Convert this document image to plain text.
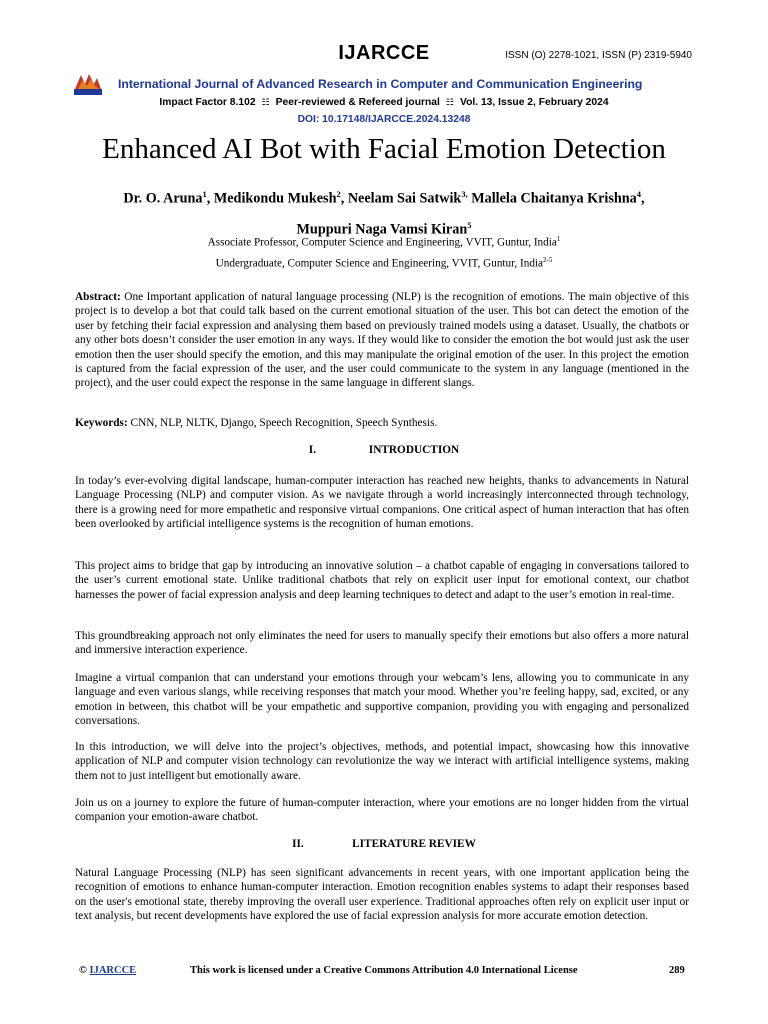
IJARCCE	ISSN (O) 2278-1021, ISSN (P) 2319-5940
International Journal of Advanced Research in Computer and Communication Engineering
Impact Factor 8.102 ☷ Peer-reviewed & Refereed journal ☷ Vol. 13, Issue 2, February 2024
DOI: 10.17148/IJARCCE.2024.13248
Enhanced AI Bot with Facial Emotion Detection
Dr. O. Aruna$^1$, Medikondu Mukesh$^2$, Neelam Sai Satwik$^{3,}$ Mallela Chaitanya Krishna$^4$,
Muppuri Naga Vamsi Kiran$^5$
Associate Professor, Computer Science and Engineering, VVIT, Guntur, India$^1$
Undergraduate, Computer Science and Engineering, VVIT, Guntur, India$^{2-5}$
Abstract: One Important application of natural language processing (NLP) is the recognition of emotions. The main objective of this project is to develop a bot that could talk based on the current emotional situation of the user. This bot can detect the emotion of the user by fetching their facial expression and analysing them based on previously trained models using a dataset. Usually, the chatbots or any other bots doesn’t consider the user emotion in any ways. If they would like to consider the emotion the bot would just ask the user emotion then the user should specify the emotion, and this may manipulate the original emotion of the user. In this project the emotion is captured from the facial expression of the user, and the user could communicate to the system in any language (mentioned in the project), and the user could expect the response in the same language in different slangs.
Keywords: CNN, NLP, NLTK, Django, Speech Recognition, Speech Synthesis.
I.	INTRODUCTION
In today’s ever-evolving digital landscape, human-computer interaction has reached new heights, thanks to advancements in Natural Language Processing (NLP) and computer vision. As we navigate through a world increasingly interconnected through technology, there is a growing need for more empathetic and responsive virtual companions. One critical aspect of human interaction that has often been overlooked by artificial intelligence systems is the recognition of human emotions.
This project aims to bridge that gap by introducing an innovative solution – a chatbot capable of engaging in conversations tailored to the user’s current emotional state. Unlike traditional chatbots that rely on explicit user input for emotional context, our chatbot harnesses the power of facial expression analysis and deep learning techniques to detect and adapt to the user’s emotion in real-time.
This groundbreaking approach not only eliminates the need for users to manually specify their emotions but also offers a more natural and immersive interaction experience.
Imagine a virtual companion that can understand your emotions through your webcam’s lens, allowing you to communicate in any language and even various slangs, while receiving responses that match your mood. Whether you’re feeling happy, sad, excited, or any emotion in between, this chatbot will be your empathetic and supportive companion, providing you with engaging and personalized conversations.
In this introduction, we will delve into the project’s objectives, methods, and potential impact, showcasing how this innovative application of NLP and computer vision technology can revolutionize the way we interact with artificial intelligence systems, making them not to just intelligent but emotionally aware.
Join us on a journey to explore the future of human-computer interaction, where your emotions are no longer hidden from the virtual companion your emotion-aware chatbot.
II.	LITERATURE REVIEW
Natural Language Processing (NLP) has seen significant advancements in recent years, with one important application being the recognition of emotions to enhance human-computer interaction. Emotion recognition enables systems to adapt their responses based on the user's emotional state, thereby improving the overall user experience. Traditional approaches often rely on explicit user input or text analysis, but recent developments have explored the use of facial expression analysis for more accurate emotion detection.
© IJARCCE	This work is licensed under a Creative Commons Attribution 4.0 International License	289
